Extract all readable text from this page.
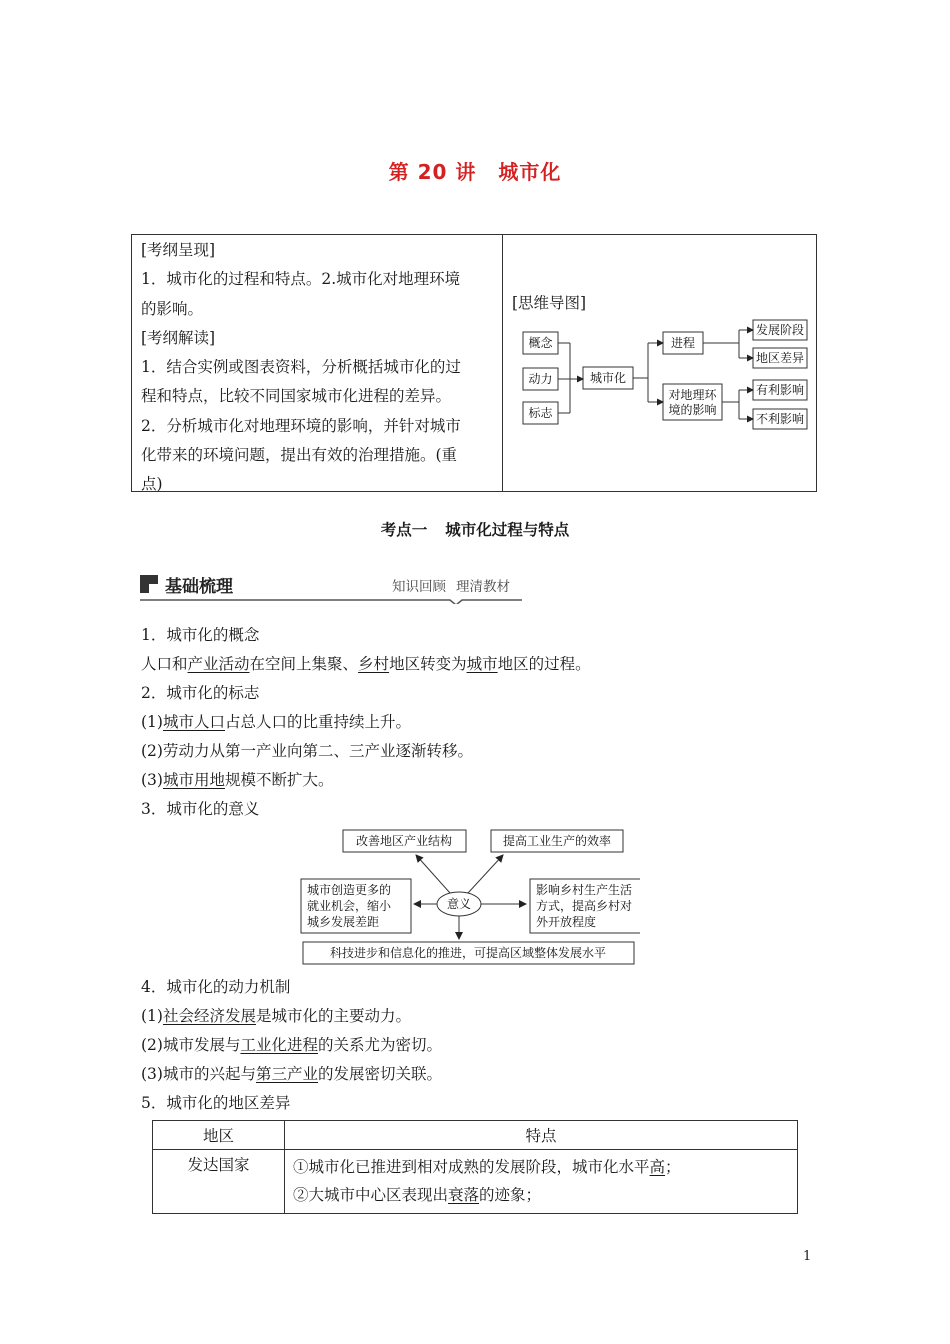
第 20 讲 城市化

[考纲呈现]

1．城市化的过程和特点。2.城市化对地理环境

的影响。

[考纲解读]

1．结合实例或图表资料，分析概括城市化的过

程和特点，比较不同国家城市化进程的差异。

2．分析城市化对地理环境的影响，并针对城市

化带来的环境问题，提出有效的治理措施。(重

点)

[思维导图]
概念
动力
标志
城市化
进程
对地理环
境的影响
发展阶段
地区差异
有利影响
不利影响
考点一 城市化过程与特点
基础梳理	知识回顾 理清教材

1．城市化的概念

人口和产业活动在空间上集聚、乡村地区转变为城市地区的过程。

2．城市化的标志

(1)城市人口占总人口的比重持续上升。

(2)劳动力从第一产业向第二、三产业逐渐转移。

(3)城市用地规模不断扩大。

3．城市化的意义

改善地区产业结构	提高工业生产的效率
城市创造更多的
就业机会，缩小
城乡发展差距
影响乡村生产生活
方式，提高乡村对
外开放程度
意义
科技进步和信息化的推进，可提高区域整体发展水平

4．城市化的动力机制

(1)社会经济发展是城市化的主要动力。

(2)城市发展与工业化进程的关系尤为密切。

(3)城市的兴起与第三产业的发展密切关联。

5．城市化的地区差异

地区	特点
发达国家	①城市化已推进到相对成熟的发展阶段，城市化水平高；
②大城市中心区表现出衰落的迹象；
1
